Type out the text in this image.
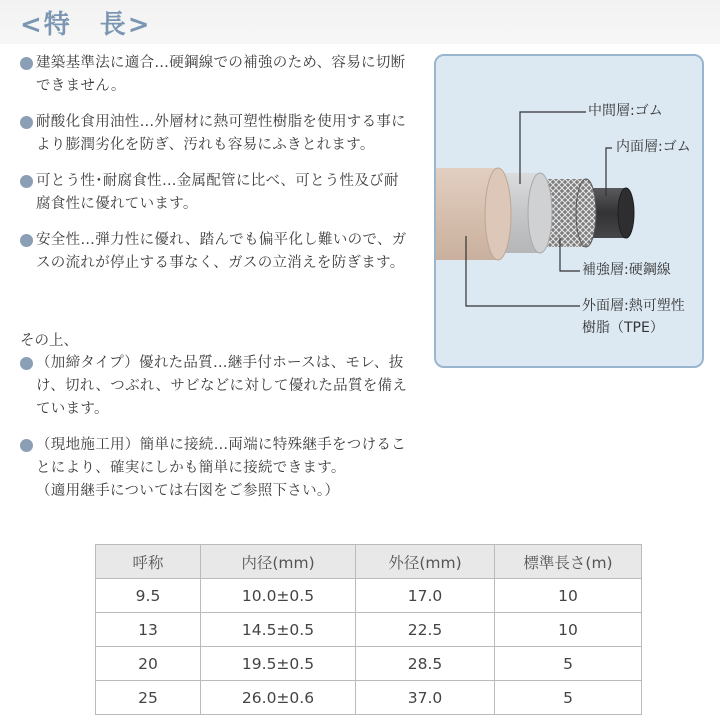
<特　長>
建築基準法に適合…硬鋼線での補強のため、容易に切断できません。
耐酸化食用油性…外層材に熱可塑性樹脂を使用する事により膨潤劣化を防ぎ、汚れも容易にふきとれます。
可とう性･耐腐食性…金属配管に比べ、可とう性及び耐腐食性に優れています。
安全性…弾力性に優れ、踏んでも偏平化し難いので、ガスの流れが停止する事なく、ガスの立消えを防ぎます。
その上、
（加締タイプ）優れた品質…継手付ホースは、モレ、抜け、切れ、つぶれ、サビなどに対して優れた品質を備えています。
（現地施工用）簡単に接続…両端に特殊継手をつけることにより、確実にしかも簡単に接続できます。
（適用継手については右図をご参照下さい。）
中間層:ゴム
内面層:ゴム
補強層:硬鋼線
外面層:熱可塑性
樹脂（TPE）
呼称	内径(mm)	外径(mm)	標準長さ(m)
9.5	10.0±0.5	17.0	10
13	14.5±0.5	22.5	10
20	19.5±0.5	28.5	5
25	26.0±0.6	37.0	5
